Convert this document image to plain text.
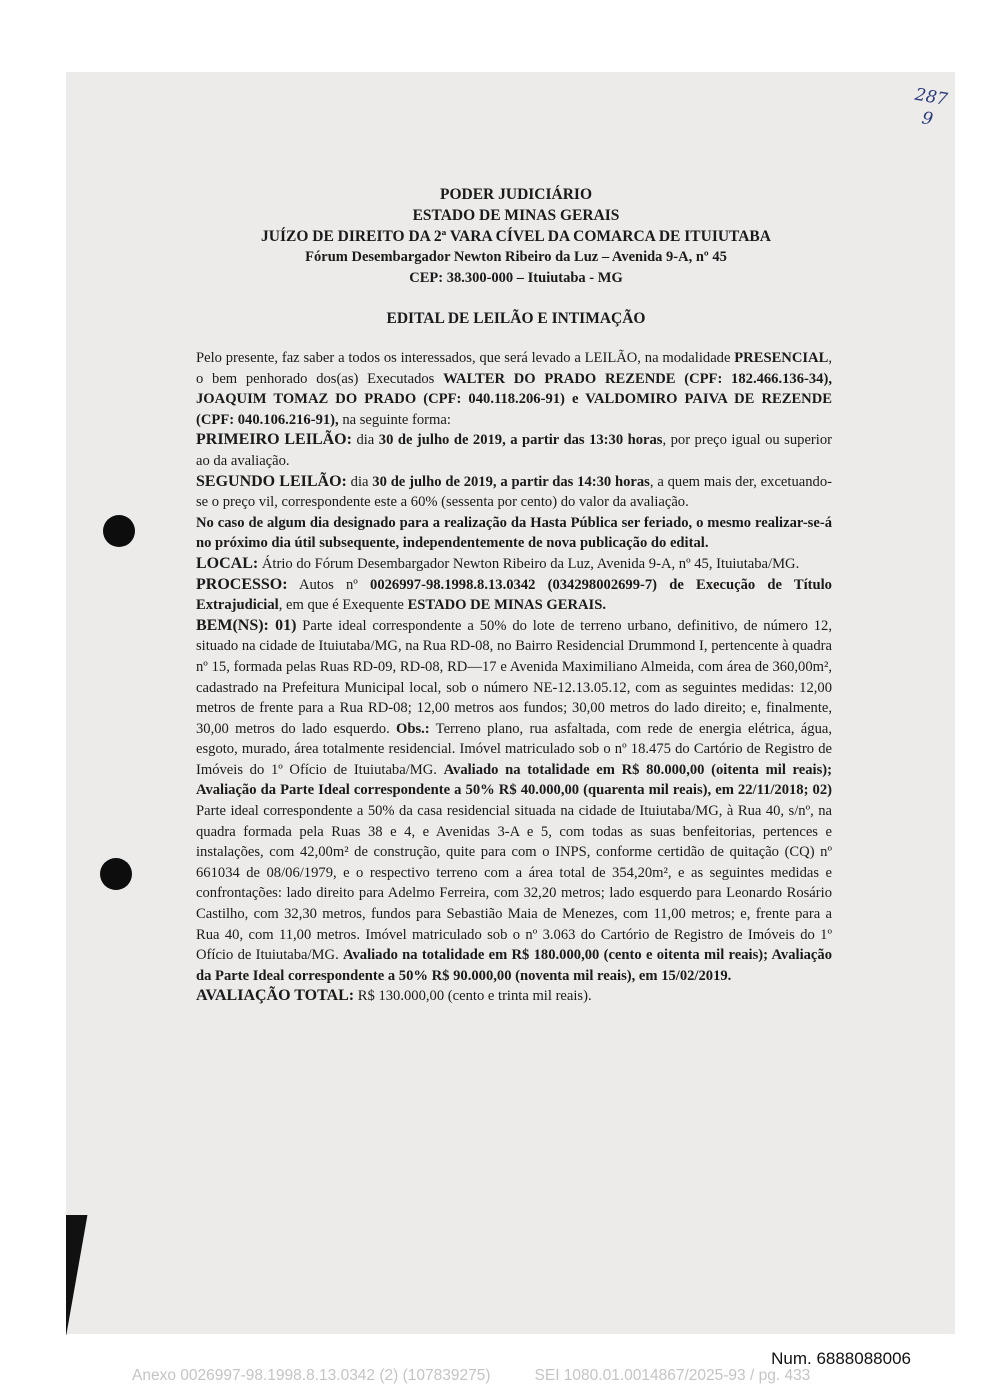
287
9
PODER JUDICIÁRIO
ESTADO DE MINAS GERAIS
JUÍZO DE DIREITO DA 2ª VARA CÍVEL DA COMARCA DE ITUIUTABA
Fórum Desembargador Newton Ribeiro da Luz – Avenida 9-A, nº 45
CEP: 38.300-000 – Ituiutaba - MG
EDITAL DE LEILÃO E INTIMAÇÃO

Pelo presente, faz saber a todos os interessados, que será levado a LEILÃO, na modalidade PRESENCIAL, o bem penhorado dos(as) Executados WALTER DO PRADO REZENDE (CPF: 182.466.136-34), JOAQUIM TOMAZ DO PRADO (CPF: 040.118.206-91) e VALDOMIRO PAIVA DE REZENDE (CPF: 040.106.216-91), na seguinte forma:

PRIMEIRO LEILÃO: dia 30 de julho de 2019, a partir das 13:30 horas, por preço igual ou superior ao da avaliação.

SEGUNDO LEILÃO: dia 30 de julho de 2019, a partir das 14:30 horas, a quem mais der, excetuando-se o preço vil, correspondente este a 60% (sessenta por cento) do valor da avaliação.

No caso de algum dia designado para a realização da Hasta Pública ser feriado, o mesmo realizar-se-á no próximo dia útil subsequente, independentemente de nova publicação do edital.

LOCAL: Átrio do Fórum Desembargador Newton Ribeiro da Luz, Avenida 9-A, nº 45, Ituiutaba/MG.

PROCESSO: Autos nº 0026997-98.1998.8.13.0342 (034298002699-7) de Execução de Título Extrajudicial, em que é Exequente ESTADO DE MINAS GERAIS.

BEM(NS): 01) Parte ideal correspondente a 50% do lote de terreno urbano, definitivo, de número 12, situado na cidade de Ituiutaba/MG, na Rua RD-08, no Bairro Residencial Drummond I, pertencente à quadra nº 15, formada pelas Ruas RD-09, RD-08, RD—17 e Avenida Maximiliano Almeida, com área de 360,00m², cadastrado na Prefeitura Municipal local, sob o número NE-12.13.05.12, com as seguintes medidas: 12,00 metros de frente para a Rua RD-08; 12,00 metros aos fundos; 30,00 metros do lado direito; e, finalmente, 30,00 metros do lado esquerdo. Obs.: Terreno plano, rua asfaltada, com rede de energia elétrica, água, esgoto, murado, área totalmente residencial. Imóvel matriculado sob o nº 18.475 do Cartório de Registro de Imóveis do 1º Ofício de Ituiutaba/MG. Avaliado na totalidade em R$ 80.000,00 (oitenta mil reais); Avaliação da Parte Ideal correspondente a 50% R$ 40.000,00 (quarenta mil reais), em 22/11/2018; 02) Parte ideal correspondente a 50% da casa residencial situada na cidade de Ituiutaba/MG, à Rua 40, s/nº, na quadra formada pela Ruas 38 e 4, e Avenidas 3-A e 5, com todas as suas benfeitorias, pertences e instalações, com 42,00m² de construção, quite para com o INPS, conforme certidão de quitação (CQ) nº 661034 de 08/06/1979, e o respectivo terreno com a área total de 354,20m², e as seguintes medidas e confrontações: lado direito para Adelmo Ferreira, com 32,20 metros; lado esquerdo para Leonardo Rosário Castilho, com 32,30 metros, fundos para Sebastião Maia de Menezes, com 11,00 metros; e, frente para a Rua 40, com 11,00 metros. Imóvel matriculado sob o nº 3.063 do Cartório de Registro de Imóveis do 1º Ofício de Ituiutaba/MG. Avaliado na totalidade em R$ 180.000,00 (cento e oitenta mil reais); Avaliação da Parte Ideal correspondente a 50% R$ 90.000,00 (noventa mil reais), em 15/02/2019.

AVALIAÇÃO TOTAL: R$ 130.000,00 (cento e trinta mil reais).

Num. 6888088006
Anexo 0026997-98.1998.8.13.0342 (2) (107839275)	SEI 1080.01.0014867/2025-93 / pg. 433
